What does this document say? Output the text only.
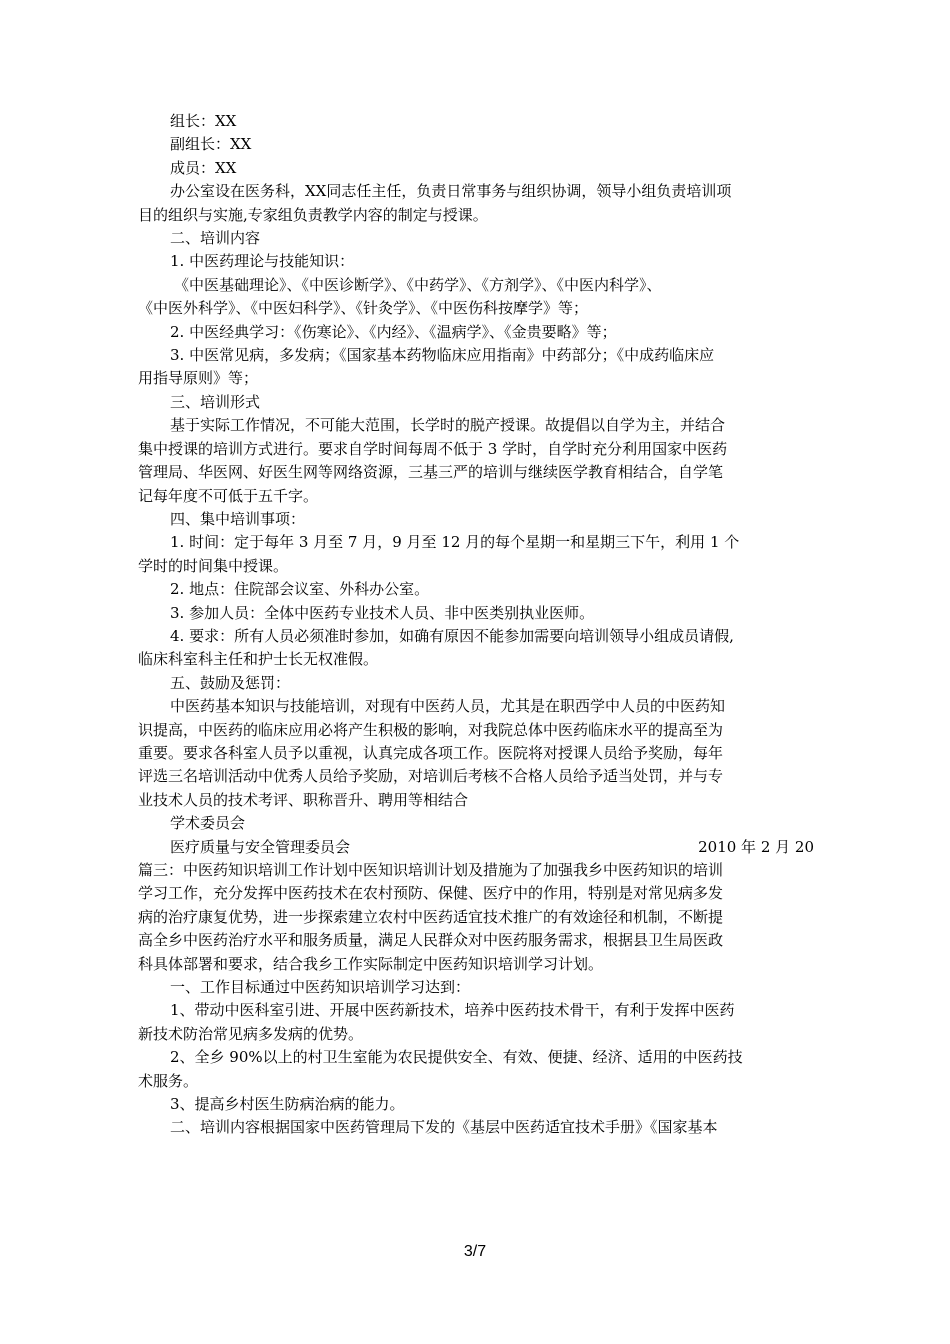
组长：XX

副组长：XX

成员：XX

办公室设在医务科，XX同志任主任，负责日常事务与组织协调，领导小组负责培训项

目的组织与实施,专家组负责教学内容的制定与授课。

二、培训内容

1. 中医药理论与技能知识：

《中医基础理论》、《中医诊断学》、《中药学》、《方剂学》、《中医内科学》、

《中医外科学》、《中医妇科学》、《针灸学》、《中医伤科按摩学》等；

2. 中医经典学习：《伤寒论》、《内经》、《温病学》、《金贵要略》等；

3. 中医常见病，多发病；《国家基本药物临床应用指南》中药部分；《中成药临床应

用指导原则》等；

三、培训形式

基于实际工作情况，不可能大范围，长学时的脱产授课。故提倡以自学为主，并结合

集中授课的培训方式进行。要求自学时间每周不低于 3 学时，自学时充分利用国家中医药

管理局、华医网、好医生网等网络资源，三基三严的培训与继续医学教育相结合，自学笔

记每年度不可低于五千字。

四、集中培训事项：

1. 时间：定于每年 3 月至 7 月，9 月至 12 月的每个星期一和星期三下午，利用 1 个

学时的时间集中授课。

2. 地点：住院部会议室、外科办公室。

3. 参加人员：全体中医药专业技术人员、非中医类别执业医师。

4. 要求：所有人员必须准时参加，如确有原因不能参加需要向培训领导小组成员请假,

临床科室科主任和护士长无权准假。

五、鼓励及惩罚：

中医药基本知识与技能培训，对现有中医药人员，尤其是在职西学中人员的中医药知

识提高，中医药的临床应用必将产生积极的影响，对我院总体中医药临床水平的提高至为

重要。要求各科室人员予以重视，认真完成各项工作。医院将对授课人员给予奖励，每年

评选三名培训活动中优秀人员给予奖励，对培训后考核不合格人员给予适当处罚，并与专

业技术人员的技术考评、职称晋升、聘用等相结合

学术委员会

医疗质量与安全管理委员会	2010 年 2 月 20

篇三：中医药知识培训工作计划中医知识培训计划及措施为了加强我乡中医药知识的培训

学习工作，充分发挥中医药技术在农村预防、保健、医疗中的作用，特别是对常见病多发

病的治疗康复优势，进一步探索建立农村中医药适宜技术推广的有效途径和机制，不断提

高全乡中医药治疗水平和服务质量，满足人民群众对中医药服务需求，根据县卫生局医政

科具体部署和要求，结合我乡工作实际制定中医药知识培训学习计划。

一、工作目标通过中医药知识培训学习达到：

1、带动中医科室引进、开展中医药新技术，培养中医药技术骨干，有利于发挥中医药

新技术防治常见病多发病的优势。

2、全乡 90%以上的村卫生室能为农民提供安全、有效、便捷、经济、适用的中医药技

术服务。

3、提高乡村医生防病治病的能力。

二、培训内容根据国家中医药管理局下发的《基层中医药适宜技术手册》《国家基本

3/7
